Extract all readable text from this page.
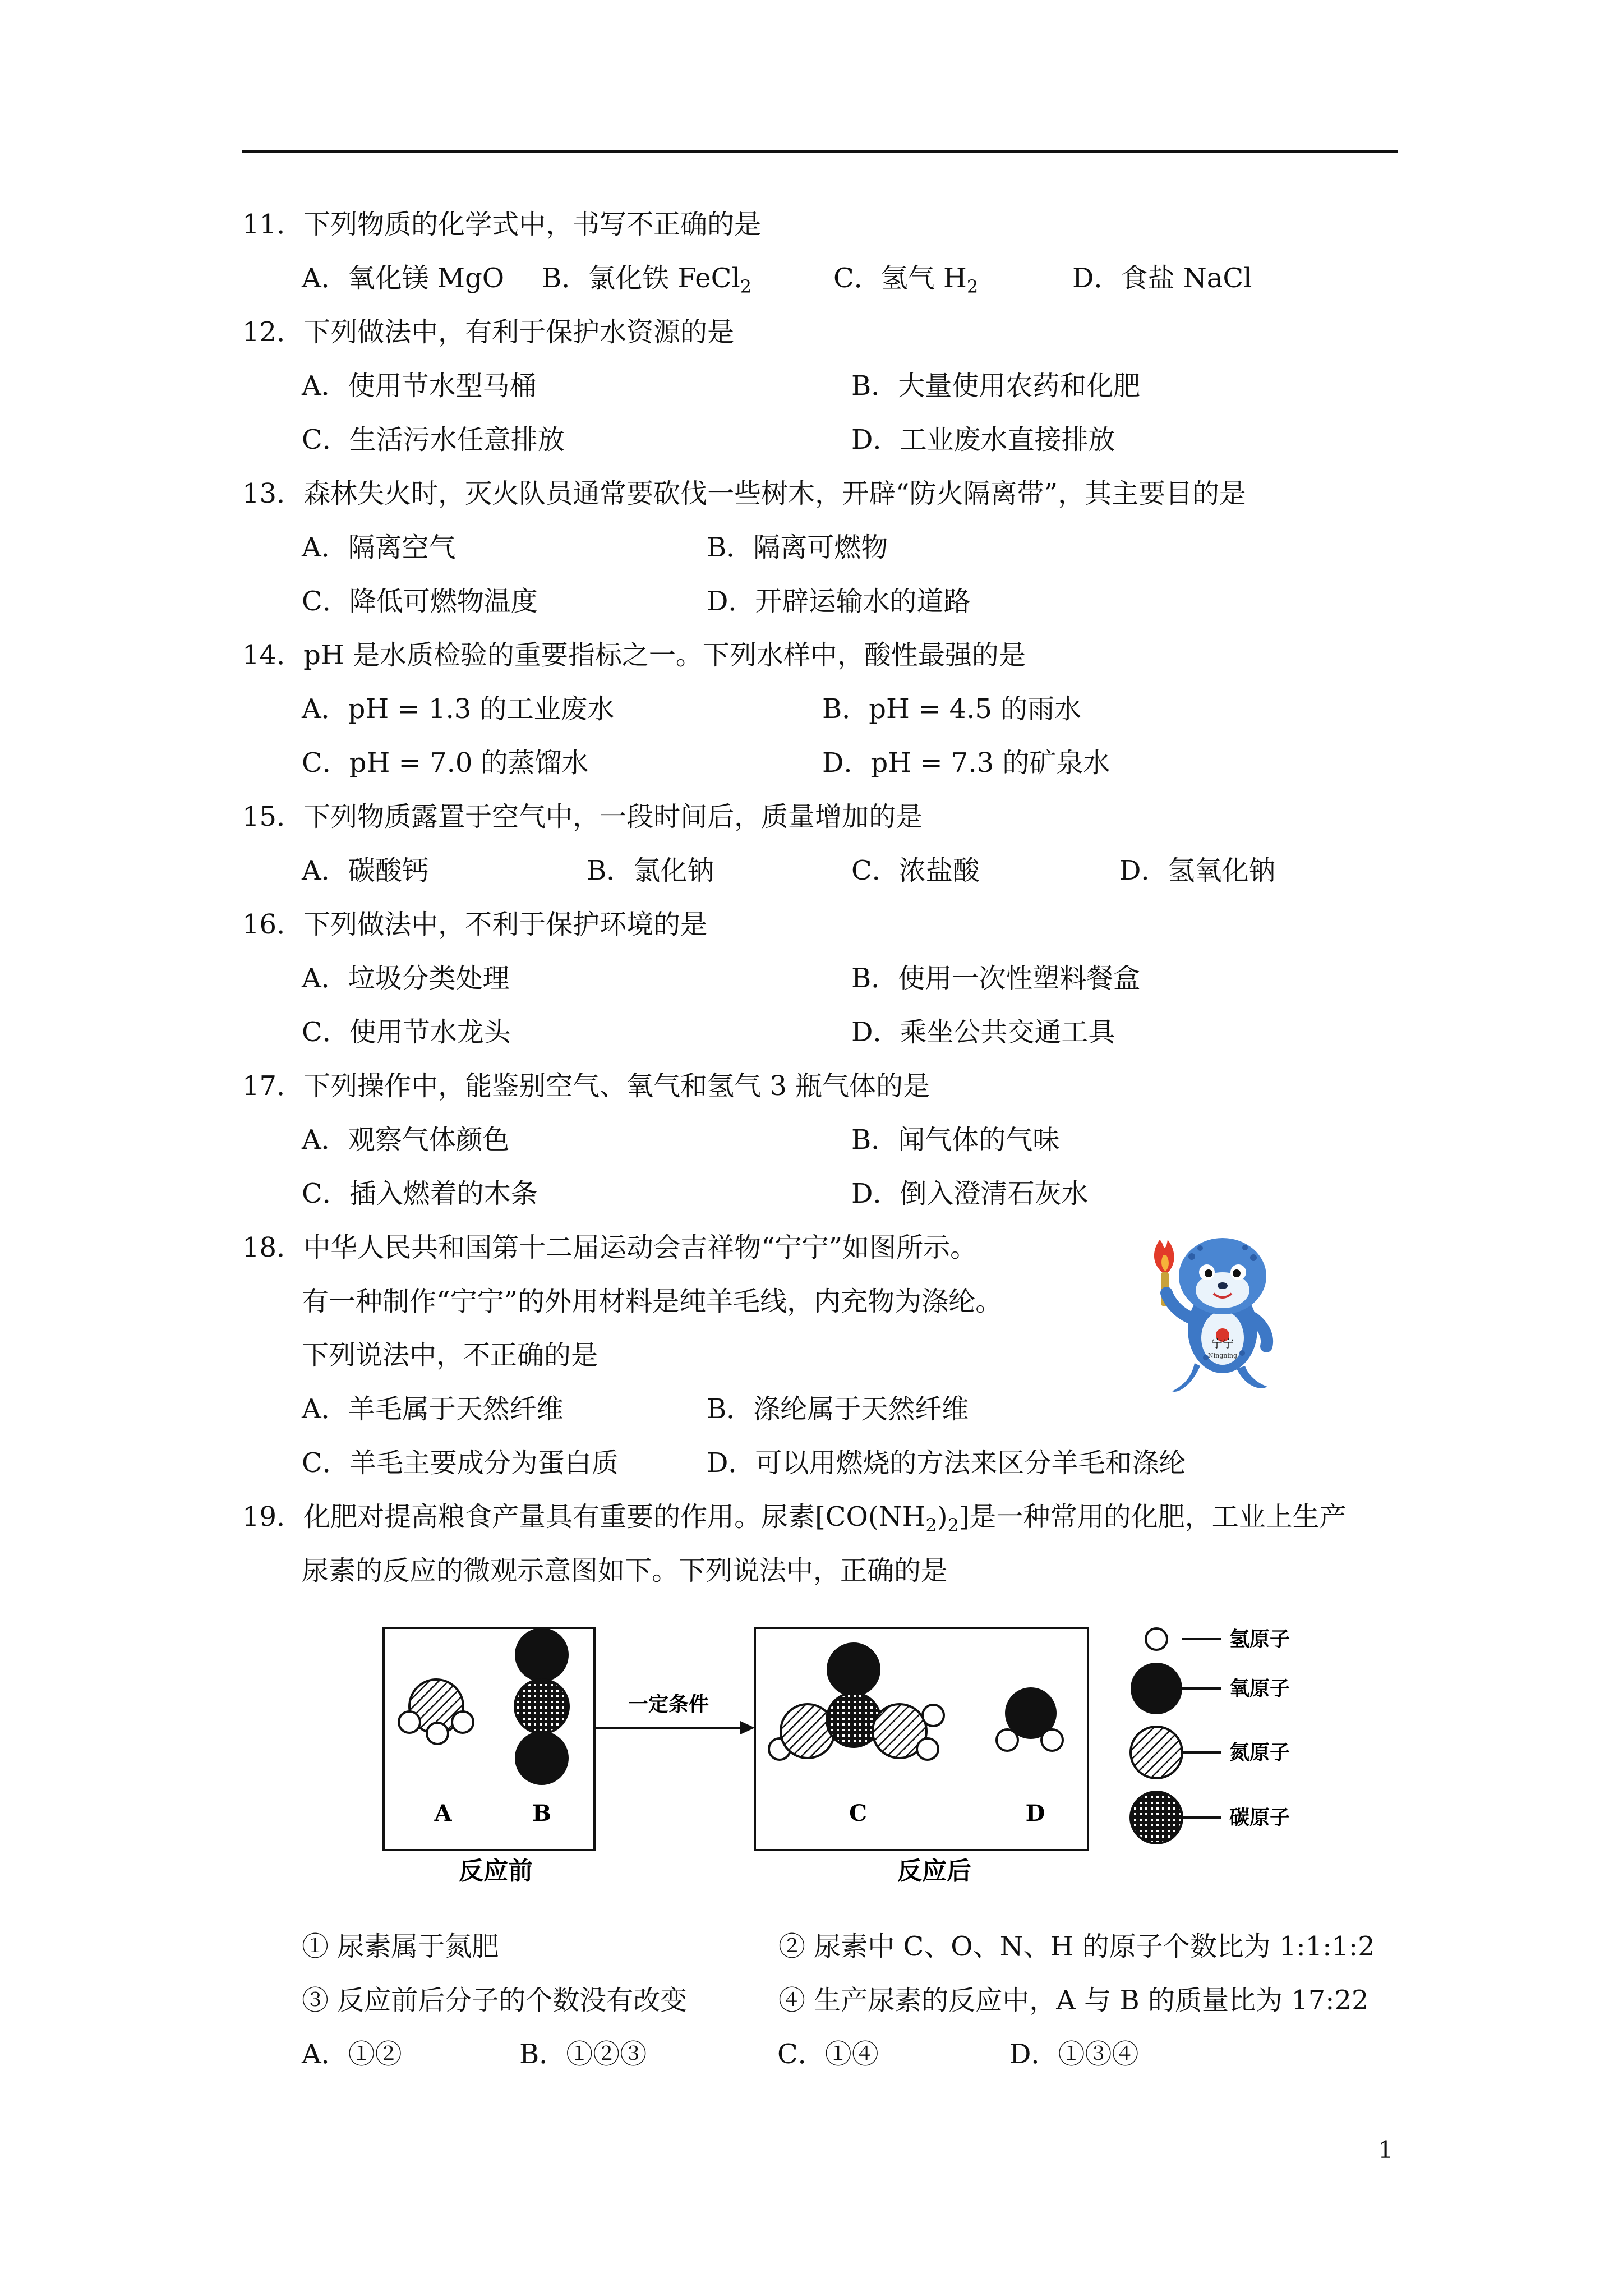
11．下列物质的化学式中，书写不正确的是
A．氧化镁 MgO B．氯化铁 FeCl$_2$	C．氢气 $H_2$	D．食盐 NaCl
12．下列做法中，有利于保护水资源的是
A．使用节水型马桶	B．大量使用农药和化肥
C．生活污水任意排放	D．工业废水直接排放
13．森林失火时，灭火队员通常要砍伐一些树木，开辟“防火隔离带”，其主要目的是
A．隔离空气	B．隔离可燃物
C．降低可燃物温度	D．开辟运输水的道路
14．pH 是水质检验的重要指标之一。下列水样中，酸性最强的是
A．pH = 1.3 的工业废水	B．pH = 4.5 的雨水
C．pH = 7.0 的蒸馏水	D．pH = 7.3 的矿泉水
15．下列物质露置于空气中，一段时间后，质量增加的是
A．碳酸钙	B．氯化钠	C．浓盐酸	D．氢氧化钠
16．下列做法中，不利于保护环境的是
A．垃圾分类处理	B．使用一次性塑料餐盒
C．使用节水龙头	D．乘坐公共交通工具
17．下列操作中，能鉴别空气、氧气和氢气 3 瓶气体的是
A．观察气体颜色	B．闻气体的气味
C．插入燃着的木条	D．倒入澄清石灰水
18．中华人民共和国第十二届运动会吉祥物“宁宁”如图所示。
有一种制作“宁宁”的外用材料是纯羊毛线，内充物为涤纶。
下列说法中，不正确的是
A．羊毛属于天然纤维	B．涤纶属于天然纤维
C．羊毛主要成分为蛋白质	D．可以用燃烧的方法来区分羊毛和涤纶
宁宁
Ningning
19．化肥对提高粮食产量具有重要的作用。尿素$[CO(NH_2)_2]$是一种常用的化肥，工业上生产
尿素的反应的微观示意图如下。下列说法中，正确的是
A	B
反应前
一定条件
C	D
反应后
氢原子
氧原子
氮原子
碳原子
① 尿素属于氮肥	② 尿素中 C、O、N、H 的原子个数比为 1:1:1:2
③ 反应前后分子的个数没有改变	④ 生产尿素的反应中，A 与 B 的质量比为 17:22
A．①②	B．①②③	C．①④	D．①③④
1
